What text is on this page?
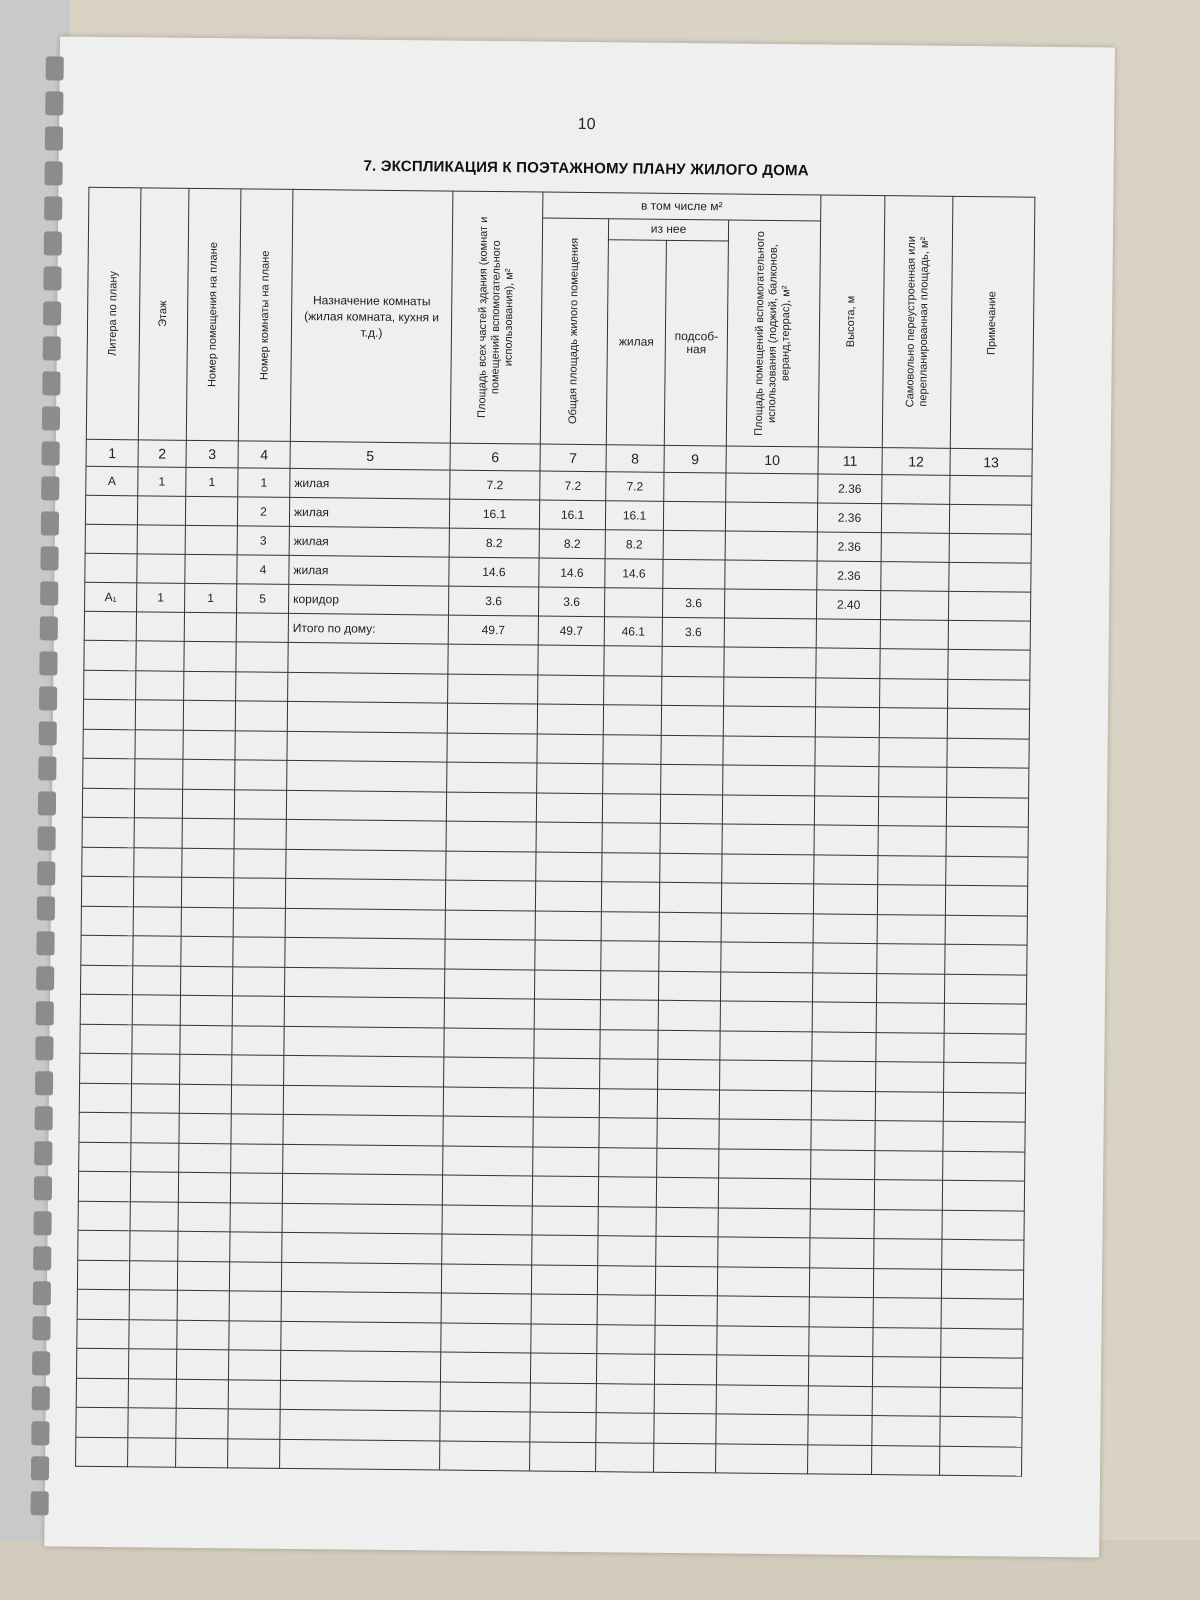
10
7. ЭКСПЛИКАЦИЯ К ПОЭТАЖНОМУ ПЛАНУ ЖИЛОГО ДОМА
Литера по плану	Этаж	Номер помещения на плане	Номер комнаты на плане	Назначение комнаты (жилая комната, кухня и т.д.)	Площадь всех частей здания (комнат и помещений вспомогательного использования), м²	в том числе м²				Высота, м	Самовольно переустроенная или перепланированная площадь, м²	Примечание

						Общая площадь жилого помещения	из нее		Площадь помещений вспомогательного использования (лоджий, балконов, веранд,террас), м²			

							жилая	подсоб-ная				
1	2	3	4	5	6	7	8	9	10	11	12	13
А	1	1	1	жилая	7.2	7.2	7.2			2.36		
			2	жилая	16.1	16.1	16.1			2.36		
			3	жилая	8.2	8.2	8.2			2.36		
			4	жилая	14.6	14.6	14.6			2.36		
А₁	1	1	5	коридор	3.6	3.6		3.6		2.40		
				Итого по дому:	49.7	49.7	46.1	3.6				
